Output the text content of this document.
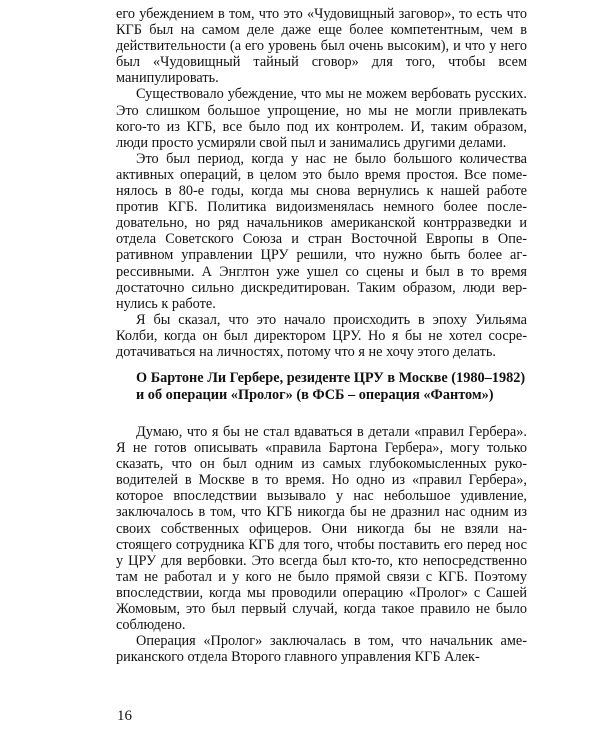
его убеждением в том, что это «Чудовищный заговор», то есть что КГБ был на самом деле даже еще более компетентным, чем в действительности (а его уровень был очень высоким), и что у него был «Чудовищный тайный сговор» для того, чтобы всем манипулировать.

Существовало убеждение, что мы не можем вербовать русских. Это слишком большое упрощение, но мы не могли привлекать кого-то из КГБ, все было под их контролем. И, таким образом, люди просто усмиряли свой пыл и занимались другими делами.

Это был период, когда у нас не было большого количества активных операций, в целом это было время простоя. Все поменялось в 80-е годы, когда мы снова вернулись к нашей работе против КГБ. Политика видоизменялась немного более последовательно, но ряд начальников американской контрразведки и отдела Советского Союза и стран Восточной Европы в Оперативном управлении ЦРУ решили, что нужно быть более агрессивными. А Энглтон уже ушел со сцены и был в то время достаточно сильно дискредитирован. Таким образом, люди вернулись к работе.

Я бы сказал, что это начало происходить в эпоху Уильяма Колби, когда он был директором ЦРУ. Но я бы не хотел сосредотачиваться на личностях, потому что я не хочу этого делать.

О Бартоне Ли Гербере, резиденте ЦРУ в Москве (1980–1982)
и об операции «Пролог» (в ФСБ – операция «Фантом»)

Думаю, что я бы не стал вдаваться в детали «правил Гербера». Я не готов описывать «правила Бартона Гербера», могу только сказать, что он был одним из самых глубокомысленных руководителей в Москве в то время. Но одно из «правил Гербера», которое впоследствии вызывало у нас небольшое удивление, заключалось в том, что КГБ никогда бы не дразнил нас одним из своих собственных офицеров. Они никогда бы не взяли настоящего сотрудника КГБ для того, чтобы поставить его перед нос у ЦРУ для вербовки. Это всегда был кто-то, кто непосредственно там не работал и у кого не было прямой связи с КГБ. Поэтому впоследствии, когда мы проводили операцию «Пролог» с Сашей Жомовым, это был первый случай, когда такое правило не было соблюдено.

Операция «Пролог» заключалась в том, что начальник американского отдела Второго главного управления КГБ Алек-

16
